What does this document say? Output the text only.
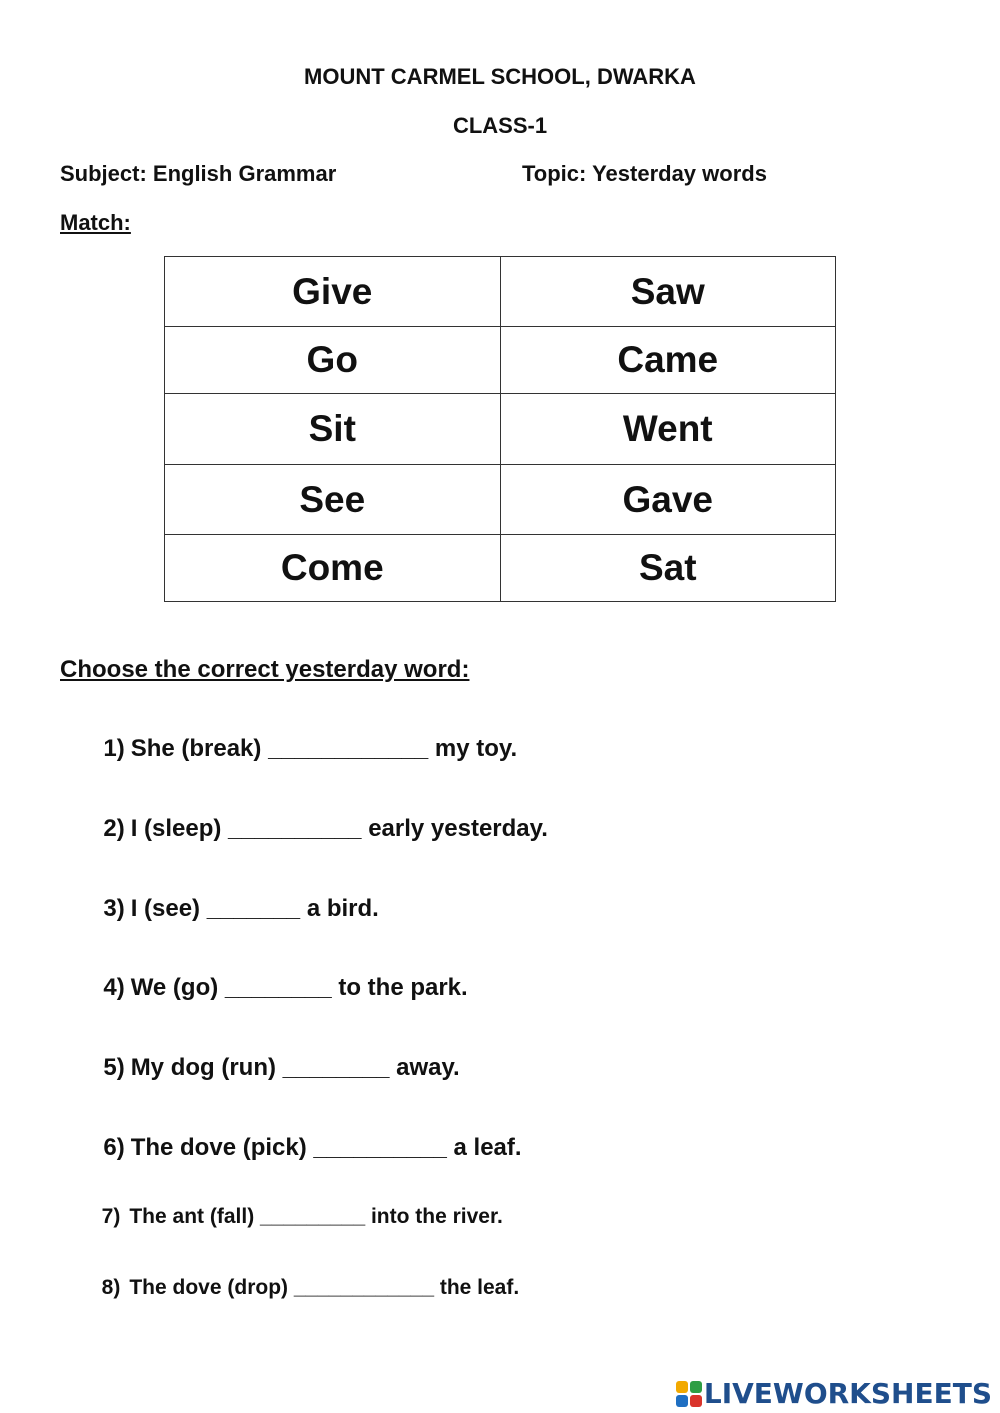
MOUNT CARMEL SCHOOL, DWARKA
CLASS-1
Subject: English Grammar	Topic: Yesterday words
Match:
Give	Saw
Go	Came
Sit	Went
See	Gave
Come	Sat
Choose the correct yesterday word:

1) She (break) ____________ my toy.

2) I (sleep) __________ early yesterday.

3) I (see) _______ a bird.

4) We (go) ________ to the park.

5) My dog (run) ________ away.

6) The dove (pick) __________ a leaf.

7) The ant (fall) _________ into the river.

8) The dove (drop) ____________ the leaf.

LIVEWORKSHEETS
